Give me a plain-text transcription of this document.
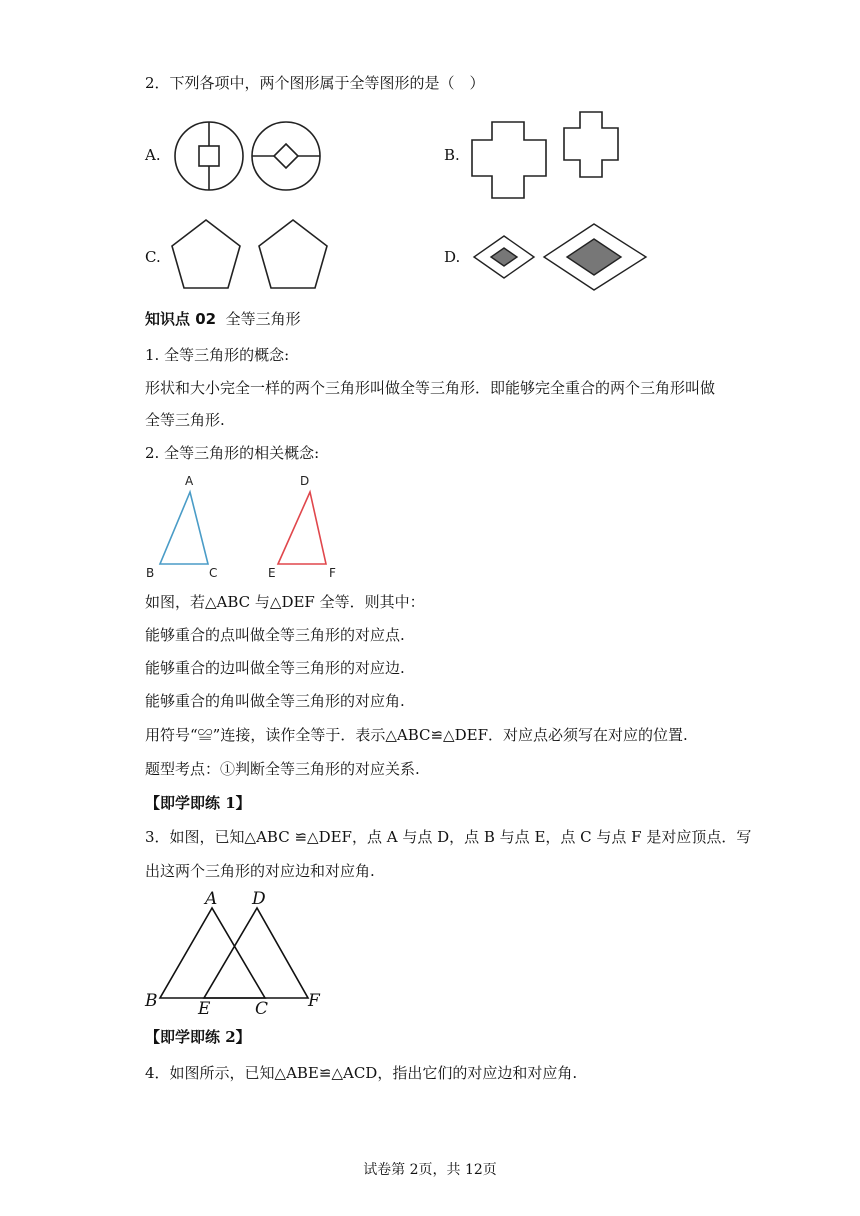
2．下列各项中，两个图形属于全等图形的是（　）
A.	B.
C.	D.
知识点 02 全等三角形
1. 全等三角形的概念:
形状和大小完全一样的两个三角形叫做全等三角形．即能够完全重合的两个三角形叫做
全等三角形.
2. 全等三角形的相关概念:
A
B	C
D
E	F
如图，若△ABC 与△DEF 全等．则其中：
能够重合的点叫做全等三角形的对应点.
能够重合的边叫做全等三角形的对应边.
能够重合的角叫做全等三角形的对应角.
用符号“≌”连接，读作全等于．表示△ABC≌△DEF．对应点必须写在对应的位置.
题型考点：①判断全等三角形的对应关系.
【即学即练 1】
3．如图，已知△ABC ≌△DEF，点 A 与点 D，点 B 与点 E，点 C 与点 F 是对应顶点．写
出这两个三角形的对应边和对应角.
A D
B E	C F
【即学即练 2】
4．如图所示，已知△ABE≌△ACD，指出它们的对应边和对应角.
试卷第 2页，共 12页
